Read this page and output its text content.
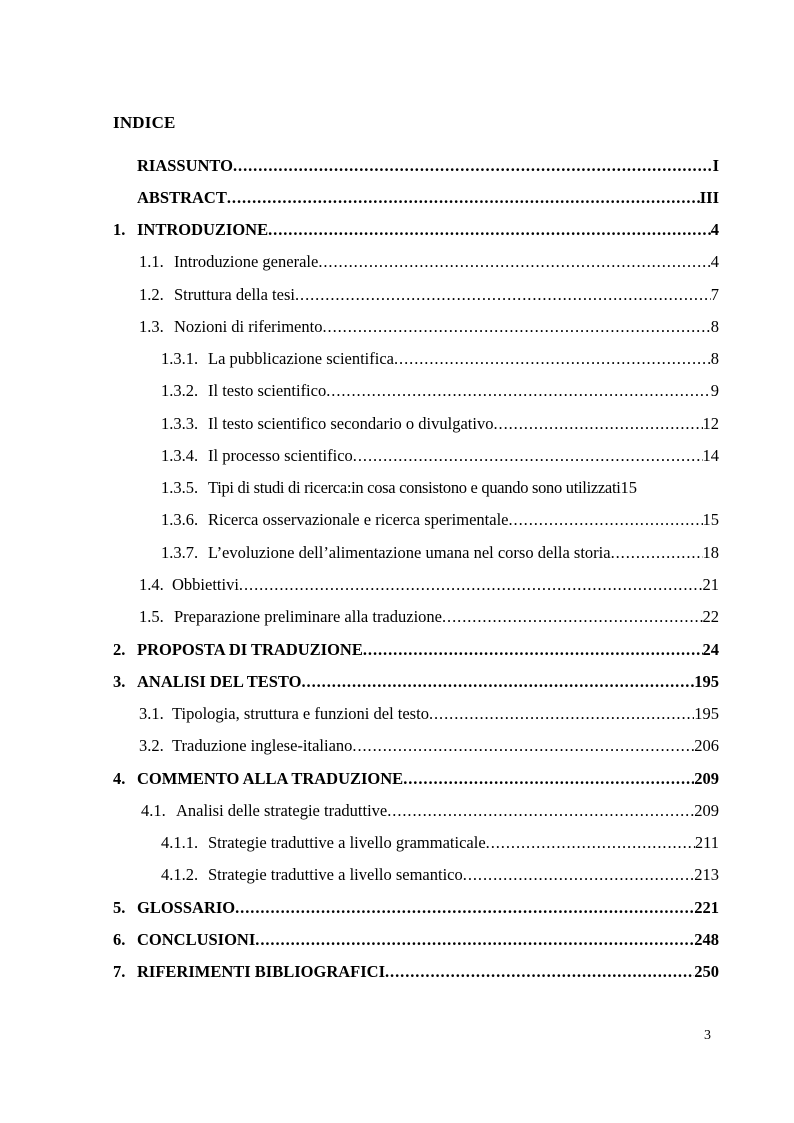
INDICE
RIASSUNTO . . .	I
ABSTRACT . . .	III
1. INTRODUZIONE . . .	4
1.1. Introduzione generale . . .	4
1.2. Struttura della tesi . . .	7
1.3. Nozioni di riferimento . . .	8
1.3.1. La pubblicazione scientifica . . .	8
1.3.2. Il testo scientifico . . .	9
1.3.3. Il testo scientifico secondario o divulgativo . . .	12
1.3.4. Il processo scientifico . . .	14
1.3.5. Tipi di studi di ricerca:in cosa consistono e quando sono utilizzati 15
1.3.6. Ricerca osservazionale e ricerca sperimentale . . .	15
1.3.7. L’evoluzione dell’alimentazione umana nel corso della storia . . .	18
1.4. Obbiettivi . . .	21
1.5. Preparazione preliminare alla traduzione . . .	22
2. PROPOSTA DI TRADUZIONE . . .	24
3. ANALISI DEL TESTO . . .	195
3.1. Tipologia, struttura e funzioni del testo . . .	195
3.2. Traduzione inglese-italiano . . .	206
4. COMMENTO ALLA TRADUZIONE . . .	209
4.1. Analisi delle strategie traduttive . . .	209
4.1.1. Strategie traduttive a livello grammaticale . . .	211
4.1.2. Strategie traduttive a livello semantico . . .	213
5. GLOSSARIO . . .	221
6. CONCLUSIONI . . .	248
7. RIFERIMENTI BIBLIOGRAFICI . . .	250
3
